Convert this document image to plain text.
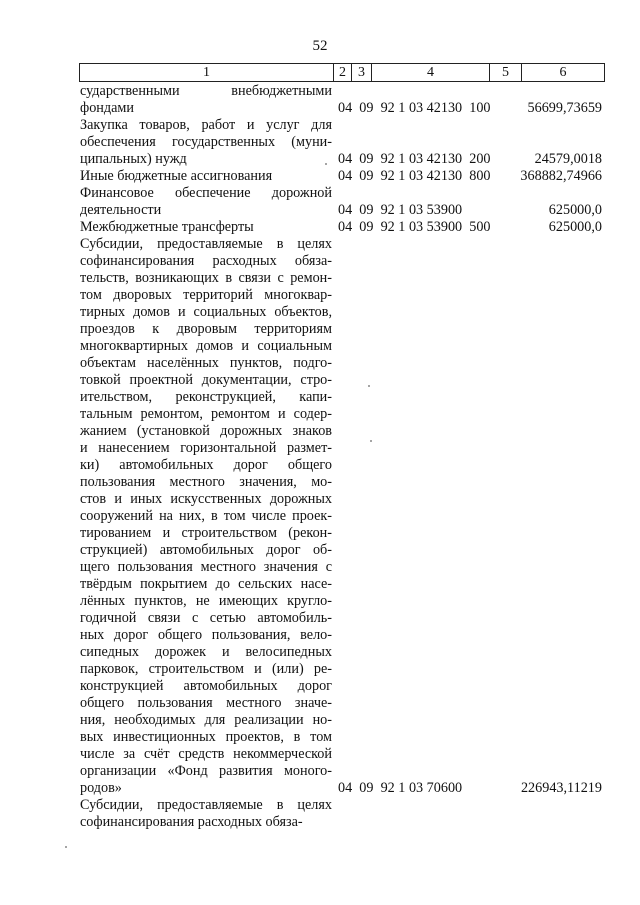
52
1	2 3	4	5	6
сударственными внебюджетными
фондами	04  09  92 1 03 42130  100	56699,73659
Закупка товаров, работ и услуг для
обеспечения государственных (муни-
ципальных) нужд	04  09  92 1 03 42130  200	24579,0018
Иные бюджетные ассигнования	04  09  92 1 03 42130  800 368882,74966
Финансовое обеспечение дорожной
деятельности	04  09  92 1 03 53900	625000,0
Межбюджетные трансферты	04  09  92 1 03 53900  500	625000,0
Субсидии, предоставляемые в целях
софинансирования расходных обяза-
тельств, возникающих в связи с ремон-
том дворовых территорий многоквар-
тирных домов и социальных объектов,
проездов к дворовым территориям
многоквартирных домов и социальным
объектам населённых пунктов, подго-
товкой проектной документации, стро-
ительством, реконструкцией, капи-
тальным ремонтом, ремонтом и содер-
жанием (установкой дорожных знаков
и нанесением горизонтальной размет-
ки) автомобильных дорог общего
пользования местного значения, мо-
стов и иных искусственных дорожных
сооружений на них, в том числе проек-
тированием и строительством (рекон-
струкцией) автомобильных дорог об-
щего пользования местного значения с
твёрдым покрытием до сельских насе-
лённых пунктов, не имеющих кругло-
годичной связи с сетью автомобиль-
ных дорог общего пользования, вело-
сипедных дорожек и велосипедных
парковок, строительством и (или) ре-
конструкцией автомобильных дорог
общего пользования местного значе-
ния, необходимых для реализации но-
вых инвестиционных проектов, в том
числе за счёт средств некоммерческой
организации «Фонд развития моного-
родов»	04  09  92 1 03 70600	226943,11219
Субсидии, предоставляемые в целях
софинансирования расходных обяза-
